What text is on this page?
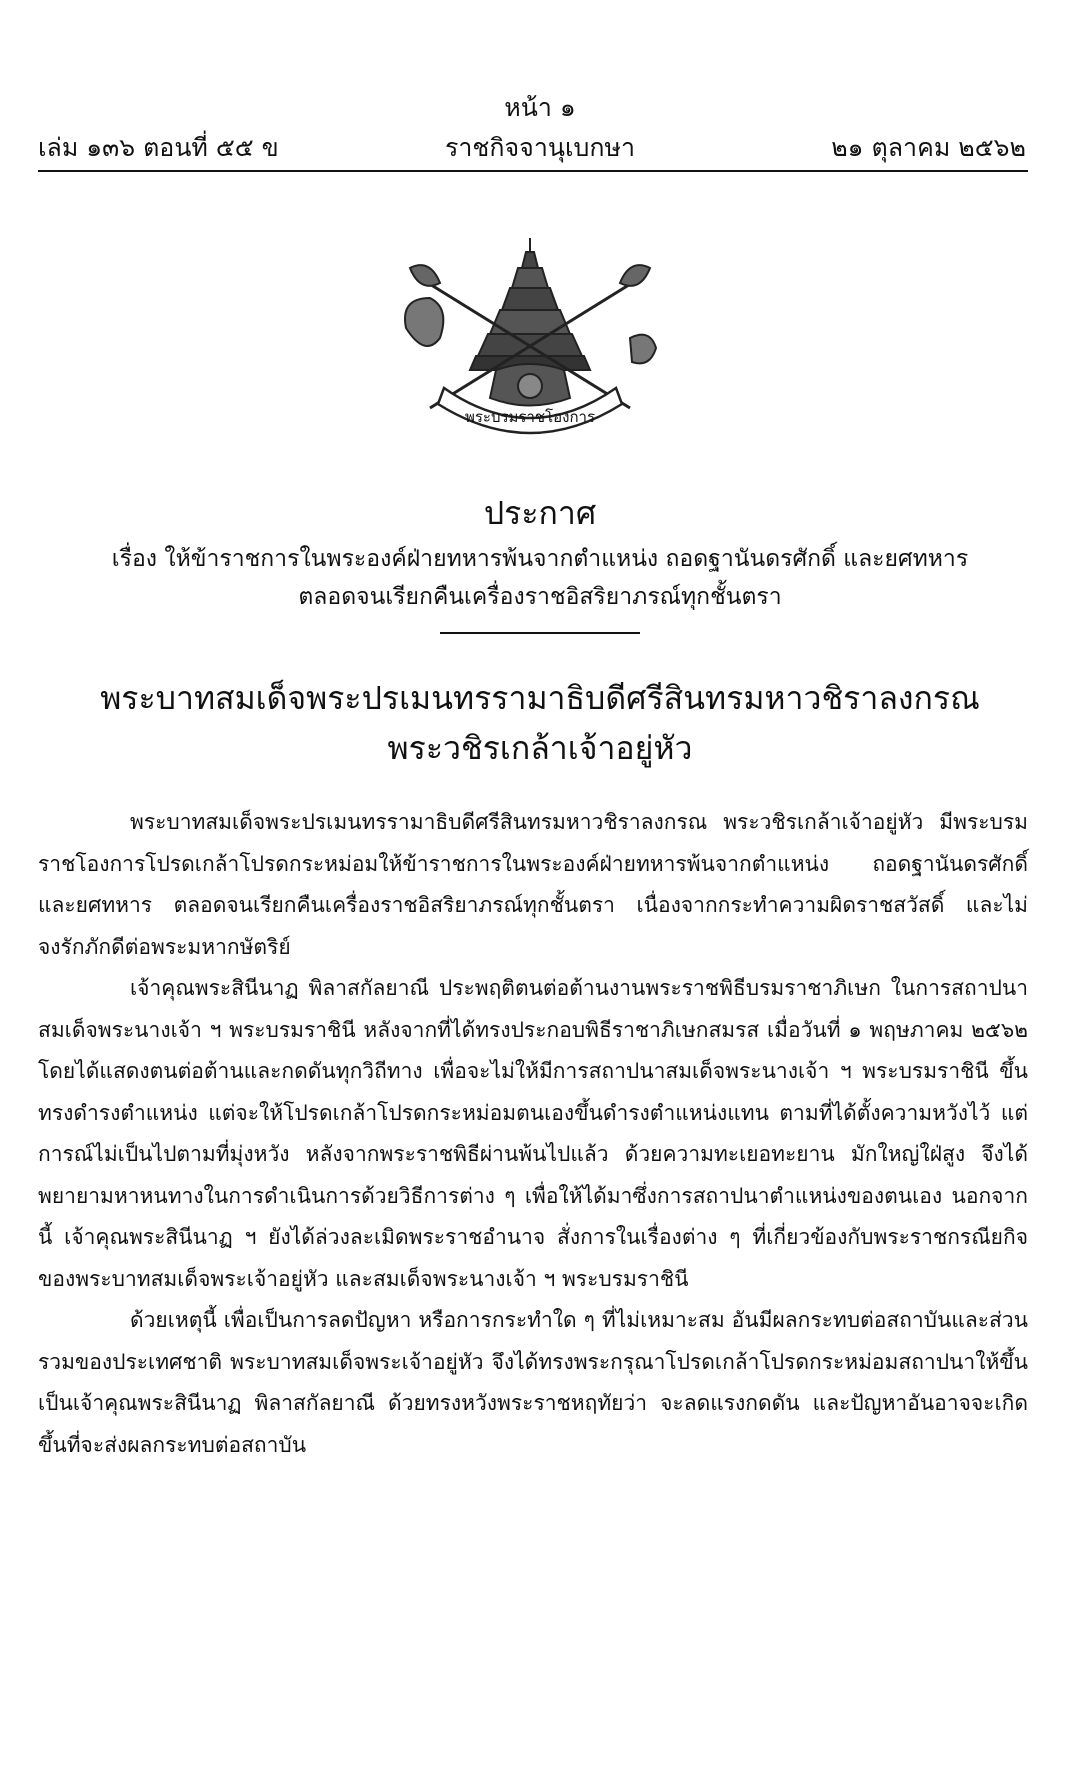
หน้า ๑
เล่ม ๑๓๖ ตอนที่ ๕๕ ข	ราชกิจจานุเบกษา	๒๑ ตุลาคม ๒๕๖๒
พระบรมราชโองการ
ประกาศ
เรื่อง ให้ข้าราชการในพระองค์ฝ่ายทหารพ้นจากตำแหน่ง ถอดฐานันดรศักดิ์ และยศทหาร
ตลอดจนเรียกคืนเครื่องราชอิสริยาภรณ์ทุกชั้นตรา
พระบาทสมเด็จพระปรเมนทรรามาธิบดีศรีสินทรมหาวชิราลงกรณ
พระวชิรเกล้าเจ้าอยู่หัว

พระบาทสมเด็จพระปรเมนทรรามาธิบดีศรีสินทรมหาวชิราลงกรณ พระวชิรเกล้าเจ้าอยู่หัว มีพระบรมราชโองการโปรดเกล้าโปรดกระหม่อมให้ข้าราชการในพระองค์ฝ่ายทหารพ้นจากตำแหน่ง ถอดฐานันดรศักดิ์ และยศทหาร ตลอดจนเรียกคืนเครื่องราชอิสริยาภรณ์ทุกชั้นตรา เนื่องจากกระทำความผิดราชสวัสดิ์ และไม่จงรักภักดีต่อพระมหากษัตริย์

เจ้าคุณพระสินีนาฏ พิลาสกัลยาณี ประพฤติตนต่อต้านงานพระราชพิธีบรมราชาภิเษก ในการสถาปนาสมเด็จพระนางเจ้า ฯ พระบรมราชินี หลังจากที่ได้ทรงประกอบพิธีราชาภิเษกสมรส เมื่อวันที่ ๑ พฤษภาคม ๒๕๖๒ โดยได้แสดงตนต่อต้านและกดดันทุกวิถีทาง เพื่อจะไม่ให้มีการสถาปนาสมเด็จพระนางเจ้า ฯ พระบรมราชินี ขึ้นทรงดำรงตำแหน่ง แต่จะให้โปรดเกล้าโปรดกระหม่อมตนเองขึ้นดำรงตำแหน่งแทน ตามที่ได้ตั้งความหวังไว้ แต่การณ์ไม่เป็นไปตามที่มุ่งหวัง หลังจากพระราชพิธีผ่านพ้นไปแล้ว ด้วยความทะเยอทะยาน มักใหญ่ใฝ่สูง จึงได้พยายามหาหนทางในการดำเนินการด้วยวิธีการต่าง ๆ เพื่อให้ได้มาซึ่งการสถาปนาตำแหน่งของตนเอง นอกจากนี้ เจ้าคุณพระสินีนาฏ ฯ ยังได้ล่วงละเมิดพระราชอำนาจ สั่งการในเรื่องต่าง ๆ ที่เกี่ยวข้องกับพระราชกรณียกิจของพระบาทสมเด็จพระเจ้าอยู่หัว และสมเด็จพระนางเจ้า ฯ พระบรมราชินี

ด้วยเหตุนี้ เพื่อเป็นการลดปัญหา หรือการกระทำใด ๆ ที่ไม่เหมาะสม อันมีผลกระทบต่อสถาบันและส่วนรวมของประเทศชาติ พระบาทสมเด็จพระเจ้าอยู่หัว จึงได้ทรงพระกรุณาโปรดเกล้าโปรดกระหม่อมสถาปนาให้ขึ้นเป็นเจ้าคุณพระสินีนาฏ พิลาสกัลยาณี ด้วยทรงหวังพระราชหฤทัยว่า จะลดแรงกดดัน และปัญหาอันอาจจะเกิดขึ้นที่จะส่งผลกระทบต่อสถาบัน
